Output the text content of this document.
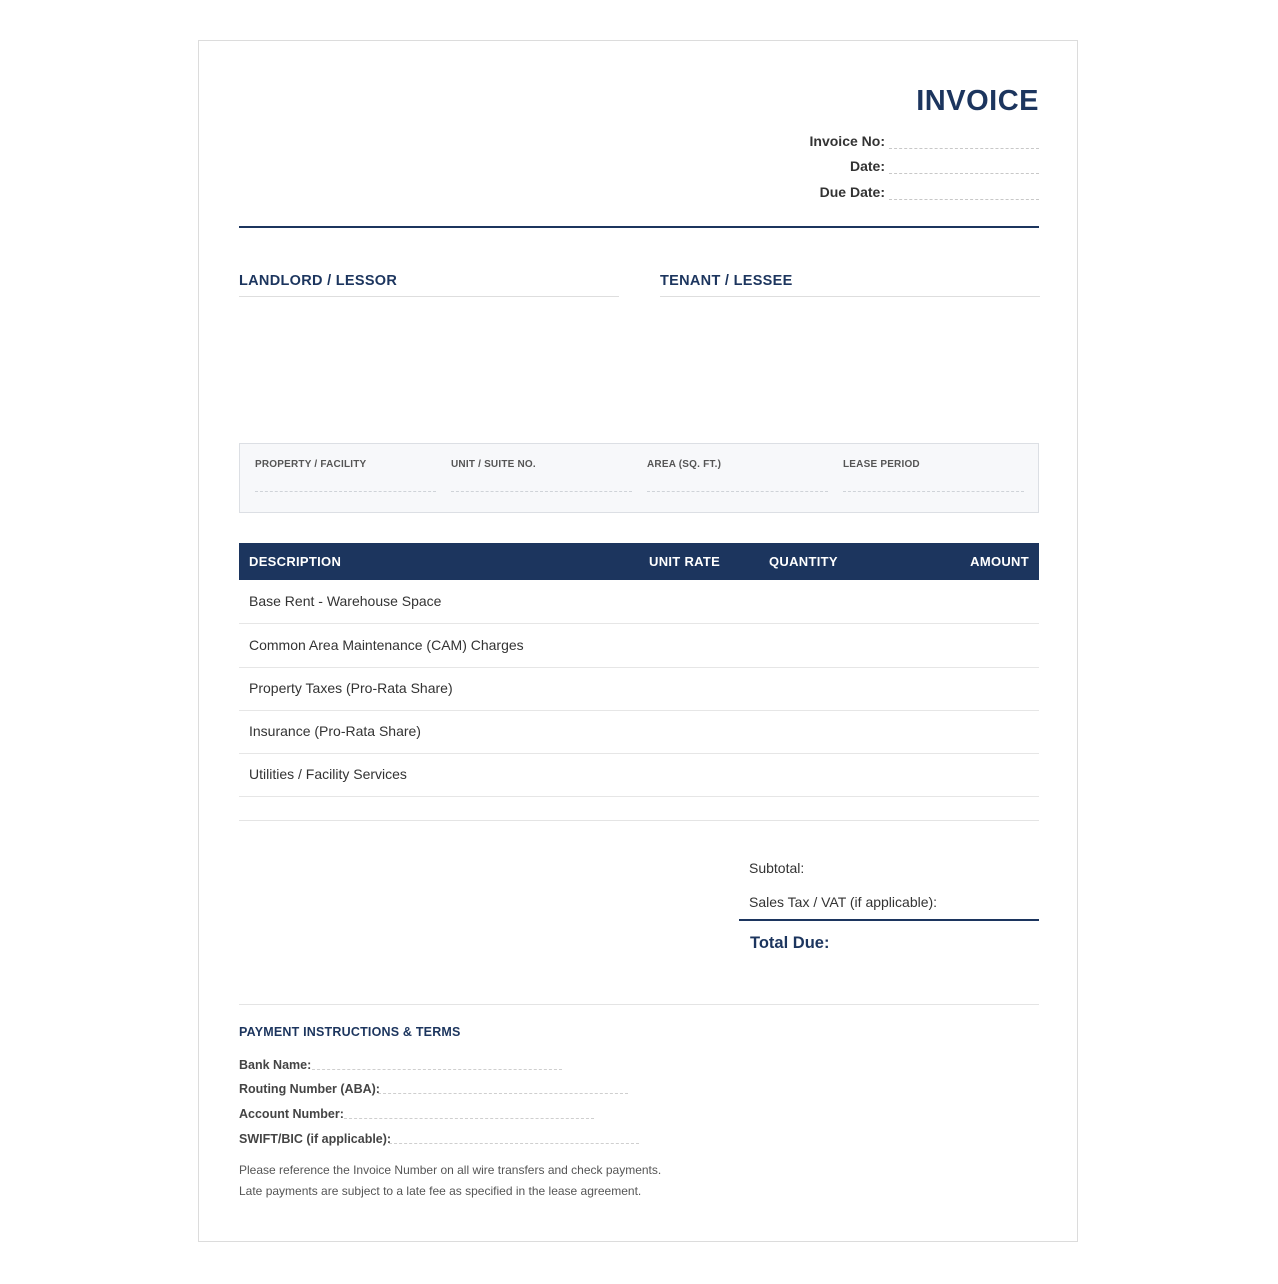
INVOICE
Invoice No:
Date:
Due Date:
LANDLORD / LESSOR	TENANT / LESSEE
PROPERTY / FACILITY	UNIT / SUITE NO.	AREA (SQ. FT.)	LEASE PERIOD
DESCRIPTION	UNIT RATE	QUANTITY	AMOUNT
Base Rent - Warehouse Space
Common Area Maintenance (CAM) Charges
Property Taxes (Pro-Rata Share)
Insurance (Pro-Rata Share)
Utilities / Facility Services
Subtotal:
Sales Tax / VAT (if applicable):
Total Due:
PAYMENT INSTRUCTIONS & TERMS
Bank Name:
Routing Number (ABA):
Account Number:
SWIFT/BIC (if applicable):
Please reference the Invoice Number on all wire transfers and check payments.
Late payments are subject to a late fee as specified in the lease agreement.
